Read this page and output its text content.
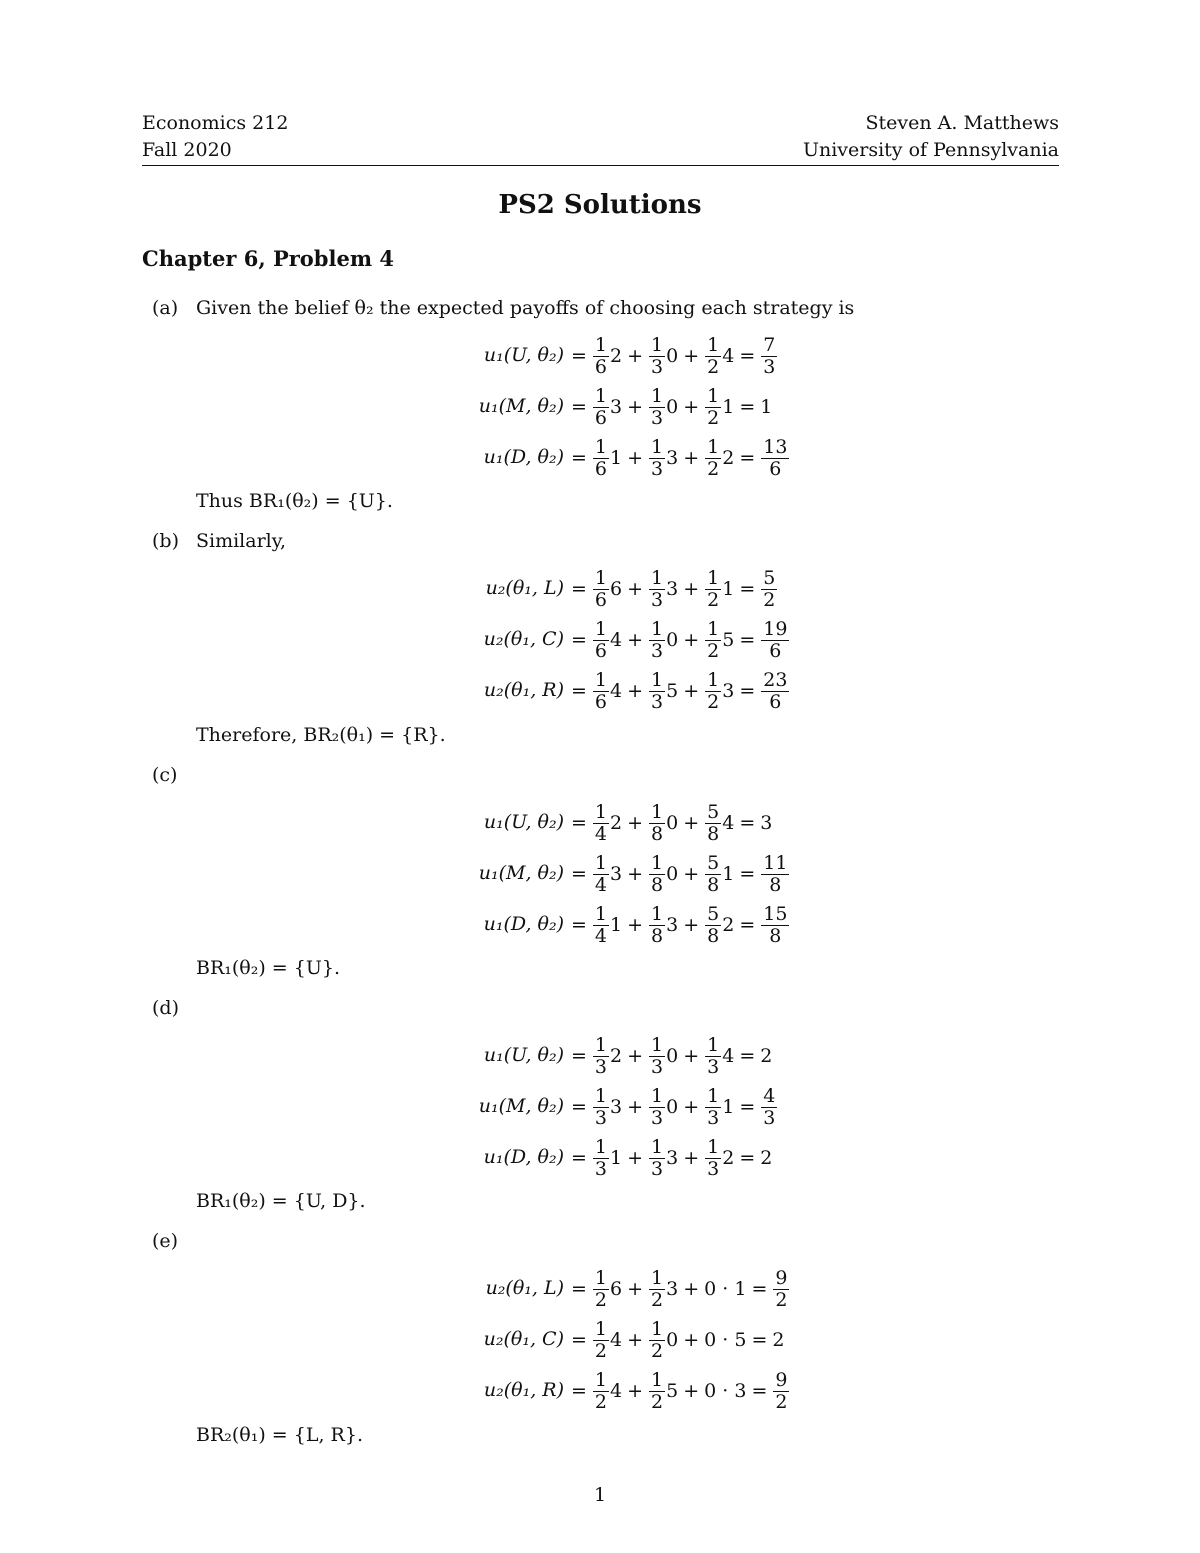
Economics 212
Fall 2020
Steven A. Matthews
University of Pennsylvania
PS2 Solutions
Chapter 6, Problem 4
(a) Given the belief θ₂ the expected payoffs of choosing each strategy is
u₁(U, $\theta_2) = \frac{1}{6} 2 + \frac{1}{3} 0 + \frac{1}{2} 4 = \frac{7}{3}$
u₁(M, $\theta_2) = \frac{1}{6} 3 + \frac{1}{3} 0 + \frac{1}{2} 1 = 1$
u₁(D, $\theta_2) = \frac{1}{6} 1 + \frac{1}{3} 3 + \frac{1}{2} 2 = \frac{13}{6}$
Thus BR₁(θ₂) = {U}.
(b) Similarly,
u₂(θ₁, $L) = \frac{1}{6} 6 + \frac{1}{3} 3 + \frac{1}{2} 1 = \frac{5}{2}$
u₂(θ₁, $C) = \frac{1}{6} 4 + \frac{1}{3} 0 + \frac{1}{2} 5 = \frac{19}{6}$
u₂(θ₁, $R) = \frac{1}{6} 4 + \frac{1}{3} 5 + \frac{1}{2} 3 = \frac{23}{6}$
Therefore, BR₂(θ₁) = {R}.
(c)
u₁(U, $\theta_2) = \frac{1}{4} 2 + \frac{1}{8} 0 + \frac{5}{8} 4 = 3$
u₁(M, $\theta_2) = \frac{1}{4} 3 + \frac{1}{8} 0 + \frac{5}{8} 1 = \frac{11}{8}$
u₁(D, $\theta_2) = \frac{1}{4} 1 + \frac{1}{8} 3 + \frac{5}{8} 2 = \frac{15}{8}$
BR₁(θ₂) = {U}.
(d)
u₁(U, $\theta_2) = \frac{1}{3} 2 + \frac{1}{3} 0 + \frac{1}{3} 4 = 2$
u₁(M, $\theta_2) = \frac{1}{3} 3 + \frac{1}{3} 0 + \frac{1}{3} 1 = \frac{4}{3}$
u₁(D, $\theta_2) = \frac{1}{3} 1 + \frac{1}{3} 3 + \frac{1}{3} 2 = 2$
BR₁(θ₂) = {U, D}.
(e)
u₂(θ₁, $L) = \frac{1}{2} 6 + \frac{1}{2} 3 + 0 \cdot 1 = \frac{9}{2}$
u₂(θ₁, $C) = \frac{1}{2} 4 + \frac{1}{2} 0 + 0 \cdot 5 = 2$
u₂(θ₁, $R) = \frac{1}{2} 4 + \frac{1}{2} 5 + 0 \cdot 3 = \frac{9}{2}$
BR₂(θ₁) = {L, R}.
1
